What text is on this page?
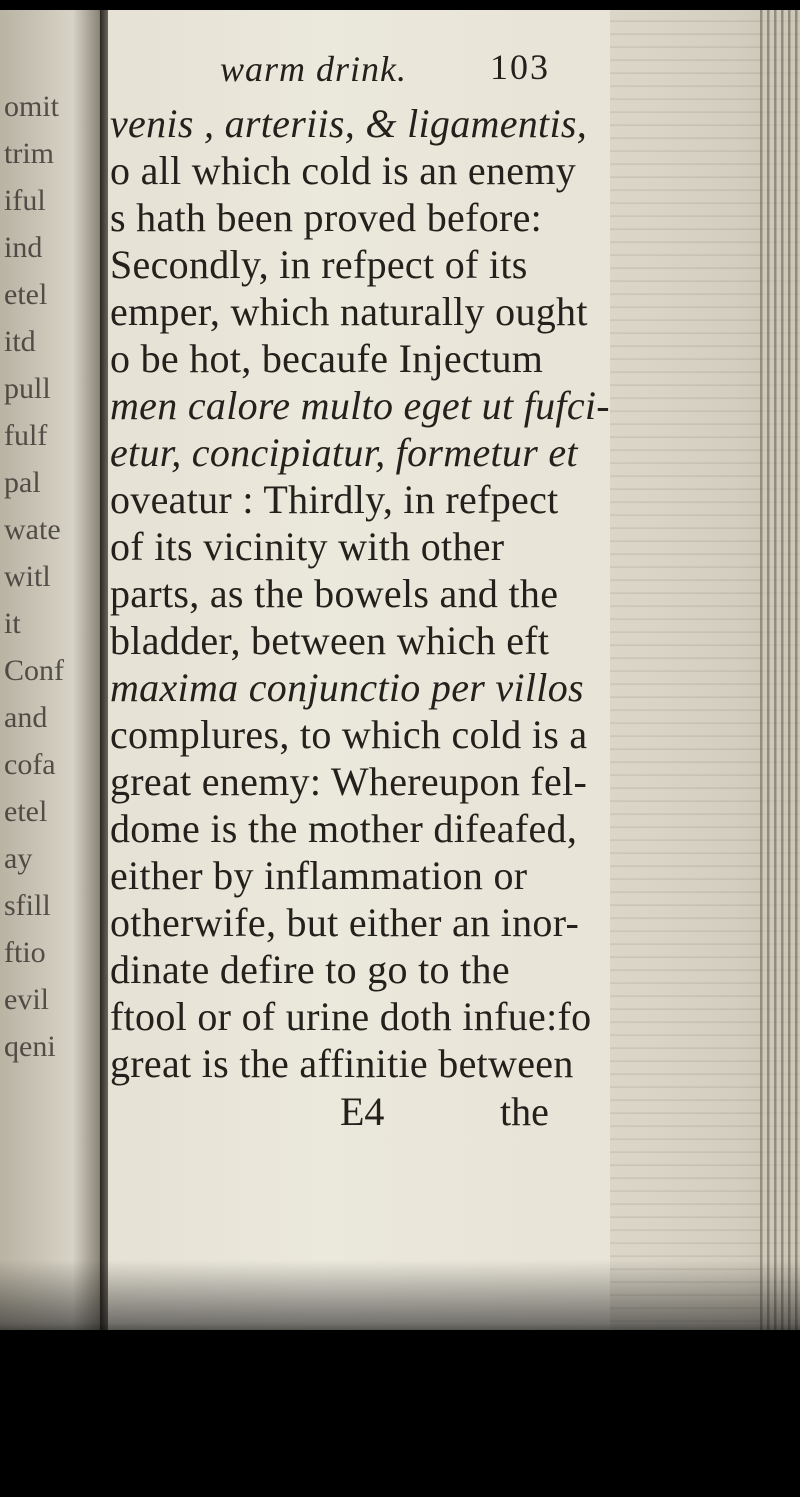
omit
trim
iful
ind
etel
itd
pull
fulf
pal
wate
witl
it
Conf
and
cofa
etel
ay
sfill
ftio
evil
qeni
warm drink. 103
venis , arteriis, & ligamentis,
o all which cold is an enemy
s hath been proved before:
Secondly, in refpect of its
emper, which naturally ought
o be hot, becaufe Injectum
men calore multo eget ut fufci-
etur, concipiatur, formetur et
oveatur : Thirdly, in refpect
of its vicinity with other
parts, as the bowels and the
bladder, between which eft
maxima conjunctio per villos
complures, to which cold is a
great enemy: Whereupon fel-
dome is the mother difeafed,
either by inflammation or
otherwife, but either an inor-
dinate defire to go to the
ftool or of urine doth infue:fo
great is the affinitie between
E4	the
